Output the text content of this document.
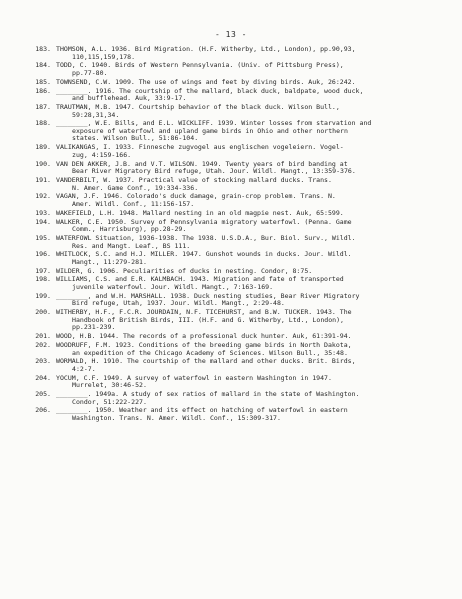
- 13 -
183. THOMSON, A.L. 1936. Bird Migration. (H.F. Witherby, Ltd., London), pp.90,93,
110,115,159,178.
184. TODD, C. 1940. Birds of Western Pennsylvania. (Univ. of Pittsburg Press),
pp.77-80.
185. TOWNSEND, C.W. 1909. The use of wings and feet by diving birds. Auk, 26:242.
186. ________. 1916. The courtship of the mallard, black duck, baldpate, wood duck,
and bufflehead. Auk, 33:9-17.
187. TRAUTMAN, M.B. 1947. Courtship behavior of the black duck. Wilson Bull.,
59:28,31,34.
188. ________, W.E. Bills, and E.L. WICKLIFF. 1939. Winter losses from starvation and
exposure of waterfowl and upland game birds in Ohio and other northern
states. Wilson Bull., 51:86-104.
189. VALIKANGAS, I. 1933. Finnesche zugvogel aus englischen vogeleiern. Vogel-
zug, 4:159-166.
190. VAN DEN AKKER, J.B. and V.T. WILSON. 1949. Twenty years of bird banding at
Bear River Migratory Bird refuge, Utah. Jour. Wildl. Mangt., 13:359-376.
191. VANDERBILT, W. 1937. Practical value of stocking mallard ducks. Trans.
N. Amer. Game Conf., 19:334-336.
192. VAGAN, J.F. 1946. Colorado's duck damage, grain-crop problem. Trans. N.
Amer. Wildl. Conf., 11:156-157.
193. WAKEFIELD, L.H. 1948. Mallard nesting in an old magpie nest. Auk, 65:599.
194. WALKER, C.E. 1950. Survey of Pennsylvania migratory waterfowl. (Penna. Game
Comm., Harrisburg), pp.28-29.
195. WATERFOWL Situation, 1936-1938. The 1938. U.S.D.A., Bur. Biol. Surv., Wildl.
Res. and Mangt. Leaf., BS 111.
196. WHITLOCK, S.C. and H.J. MILLER. 1947. Gunshot wounds in ducks. Jour. Wildl.
Mangt., 11:279-281.
197. WILDER, G. 1906. Peculiarities of ducks in nesting. Condor, 8:75.
198. WILLIAMS, C.S. and E.R. KALMBACH. 1943. Migration and fate of transported
juvenile waterfowl. Jour. Wildl. Mangt., 7:163-169.
199. ________, and W.H. MARSHALL. 1938. Duck nesting studies, Bear River Migratory
Bird refuge, Utah, 1937. Jour. Wildl. Mangt., 2:29-48.
200. WITHERBY, H.F., F.C.R. JOURDAIN, N.F. TICEHURST, and B.W. TUCKER. 1943. The
Handbook of British Birds, III. (H.F. and G. Witherby, Ltd., London),
pp.231-239.
201. WOOD, H.B. 1944. The records of a professional duck hunter. Auk, 61:391-94.
202. WOODRUFF, F.M. 1923. Conditions of the breeding game birds in North Dakota,
an expedition of the Chicago Academy of Sciences. Wilson Bull., 35:48.
203. WORMALD, H. 1910. The courtship of the mallard and other ducks. Brit. Birds,
4:2-7.
204. YOCUM, C.F. 1949. A survey of waterfowl in eastern Washington in 1947.
Murrelet, 30:46-52.
205. ________. 1949a. A study of sex ratios of mallard in the state of Washington.
Condor, 51:222-227.
206. ________. 1950. Weather and its effect on hatching of waterfowl in eastern
Washington. Trans. N. Amer. Wildl. Conf., 15:309-317.
